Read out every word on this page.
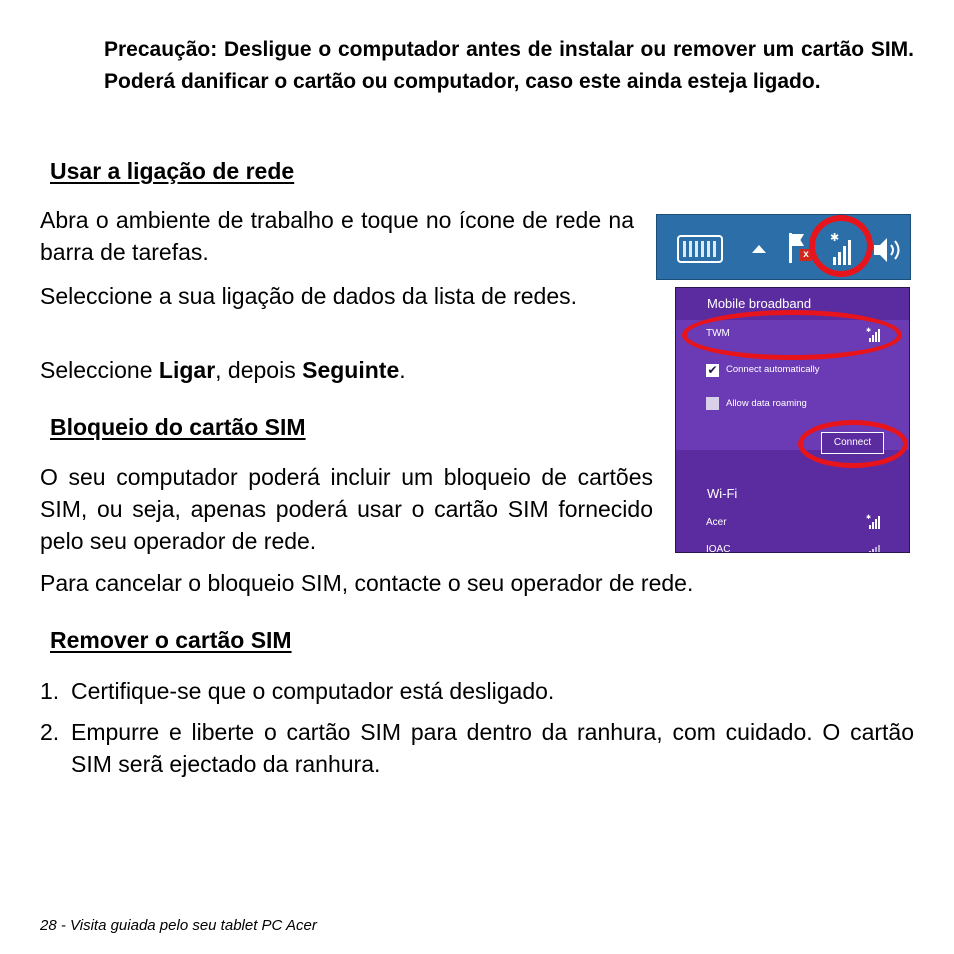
Precaução: Desligue o computador antes de instalar ou remover um cartão SIM. Poderá danificar o cartão ou computador, caso este ainda esteja ligado.
Usar a ligação de rede
Abra o ambiente de trabalho e toque no ícone de rede na barra de tarefas.
Seleccione a sua ligação de dados da lista de redes.
Seleccione Ligar, depois Seguinte.
Bloqueio do cartão SIM
O seu computador poderá incluir um bloqueio de cartões SIM, ou seja, apenas poderá usar o cartão SIM fornecido pelo seu operador de rede.
Para cancelar o bloqueio SIM, contacte o seu operador de rede.
Remover o cartão SIM
1. Certifique-se que o computador está desligado.
2. Empurre e liberte o cartão SIM para dentro da ranhura, com cuidado. O cartão SIM serã ejectado da ranhura.
x
✱
Mobile broadband
TWM	✱
✔ Connect automatically
Allow data roaming
Connect
Wi-Fi
Acer	✱
IOAC
28 - Visita guiada pelo seu tablet PC Acer
